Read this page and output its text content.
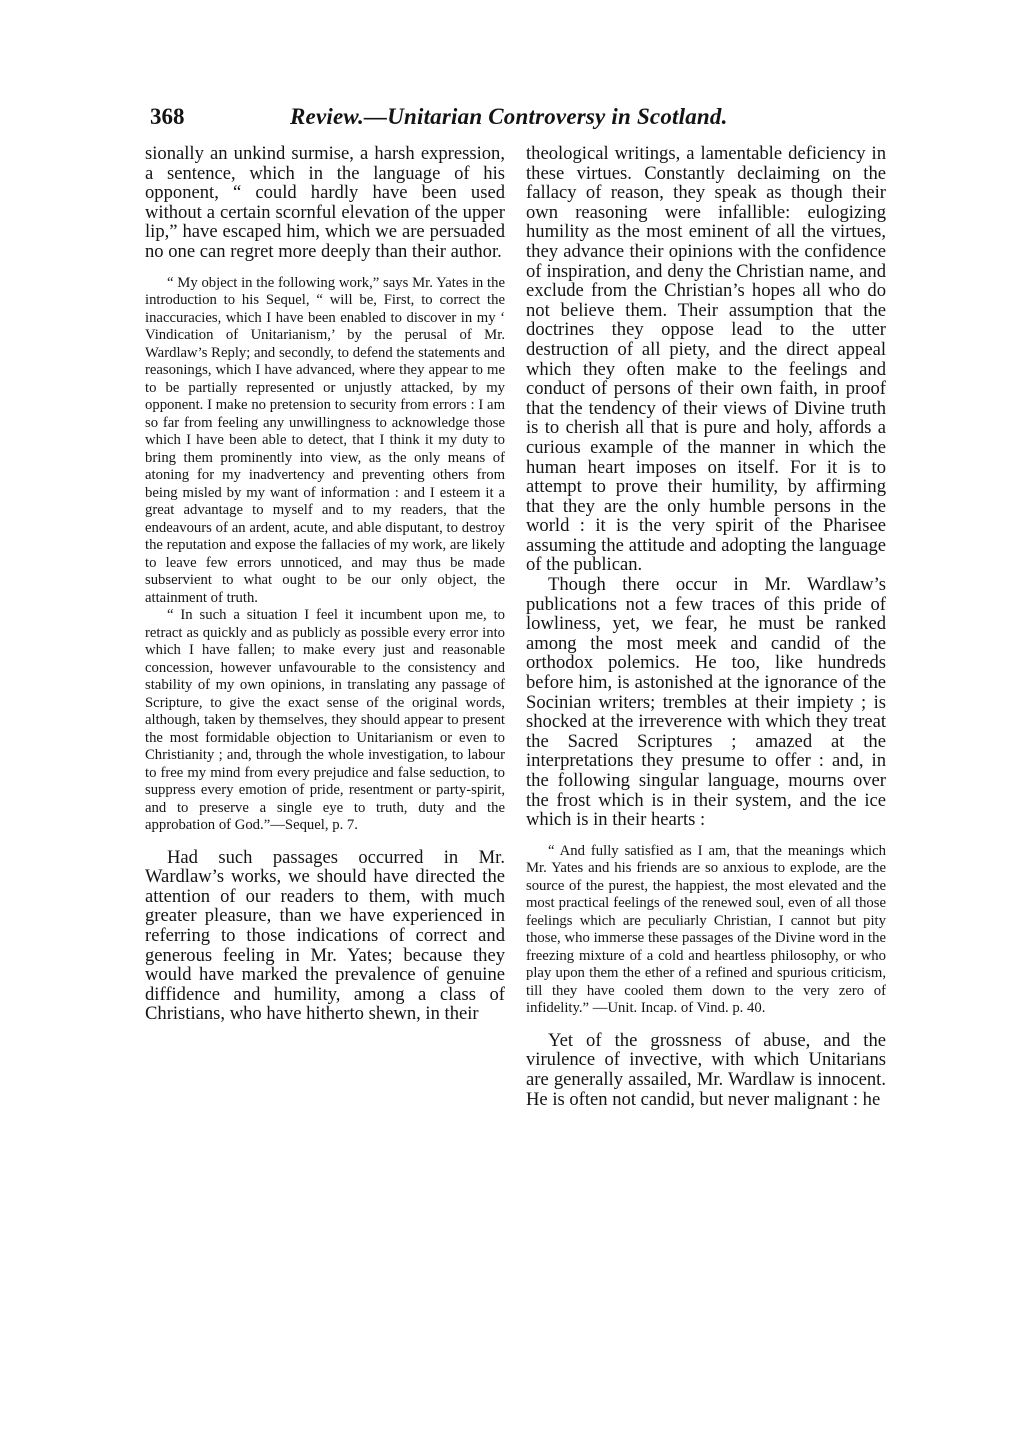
368	Review.—Unitarian Controversy in Scotland.

sionally an unkind surmise, a harsh expression, a sentence, which in the language of his opponent, “ could hardly have been used without a certain scornful elevation of the upper lip,” have escaped him, which we are persuaded no one can regret more deeply than their author.

“ My object in the following work,” says Mr. Yates in the introduction to his Sequel, “ will be, First, to correct the inaccuracies, which I have been enabled to discover in my ‘ Vindication of Unitarianism,’ by the perusal of Mr. Wardlaw’s Reply; and secondly, to defend the statements and reasonings, which I have advanced, where they appear to me to be partially represented or unjustly attacked, by my opponent. I make no pretension to security from errors : I am so far from feeling any unwillingness to acknowledge those which I have been able to detect, that I think it my duty to bring them prominently into view, as the only means of atoning for my inadvertency and preventing others from being misled by my want of information : and I esteem it a great advantage to myself and to my readers, that the endeavours of an ardent, acute, and able disputant, to destroy the reputation and expose the fallacies of my work, are likely to leave few errors unnoticed, and may thus be made subservient to what ought to be our only object, the attainment of truth.

“ In such a situation I feel it incumbent upon me, to retract as quickly and as publicly as possible every error into which I have fallen; to make every just and reasonable concession, however unfavourable to the consistency and stability of my own opinions, in translating any passage of Scripture, to give the exact sense of the original words, although, taken by themselves, they should appear to present the most formidable objection to Unitarianism or even to Christianity ; and, through the whole investigation, to labour to free my mind from every prejudice and false seduction, to suppress every emotion of pride, resentment or party-spirit, and to preserve a single eye to truth, duty and the approbation of God.”—Sequel, p. 7.

Had such passages occurred in Mr. Wardlaw’s works, we should have directed the attention of our readers to them, with much greater pleasure, than we have experienced in referring to those indications of correct and generous feeling in Mr. Yates; because they would have marked the prevalence of genuine diffidence and humility, among a class of Christians, who have hitherto shewn, in their

theological writings, a lamentable deficiency in these virtues. Constantly declaiming on the fallacy of reason, they speak as though their own reasoning were infallible: eulogizing humility as the most eminent of all the virtues, they advance their opinions with the confidence of inspiration, and deny the Christian name, and exclude from the Christian’s hopes all who do not believe them. Their assumption that the doctrines they oppose lead to the utter destruction of all piety, and the direct appeal which they often make to the feelings and conduct of persons of their own faith, in proof that the tendency of their views of Divine truth is to cherish all that is pure and holy, affords a curious example of the manner in which the human heart imposes on itself. For it is to attempt to prove their humility, by affirming that they are the only humble persons in the world : it is the very spirit of the Pharisee assuming the attitude and adopting the language of the publican.

Though there occur in Mr. Wardlaw’s publications not a few traces of this pride of lowliness, yet, we fear, he must be ranked among the most meek and candid of the orthodox polemics. He too, like hundreds before him, is astonished at the ignorance of the Socinian writers; trembles at their impiety ; is shocked at the irreverence with which they treat the Sacred Scriptures ; amazed at the interpretations they presume to offer : and, in the following singular language, mourns over the frost which is in their system, and the ice which is in their hearts :

“ And fully satisfied as I am, that the meanings which Mr. Yates and his friends are so anxious to explode, are the source of the purest, the happiest, the most elevated and the most practical feelings of the renewed soul, even of all those feelings which are peculiarly Christian, I cannot but pity those, who immerse these passages of the Divine word in the freezing mixture of a cold and heartless philosophy, or who play upon them the ether of a refined and spurious criticism, till they have cooled them down to the very zero of infidelity.” —Unit. Incap. of Vind. p. 40.

Yet of the grossness of abuse, and the virulence of invective, with which Unitarians are generally assailed, Mr. Wardlaw is innocent. He is often not candid, but never malignant : he
